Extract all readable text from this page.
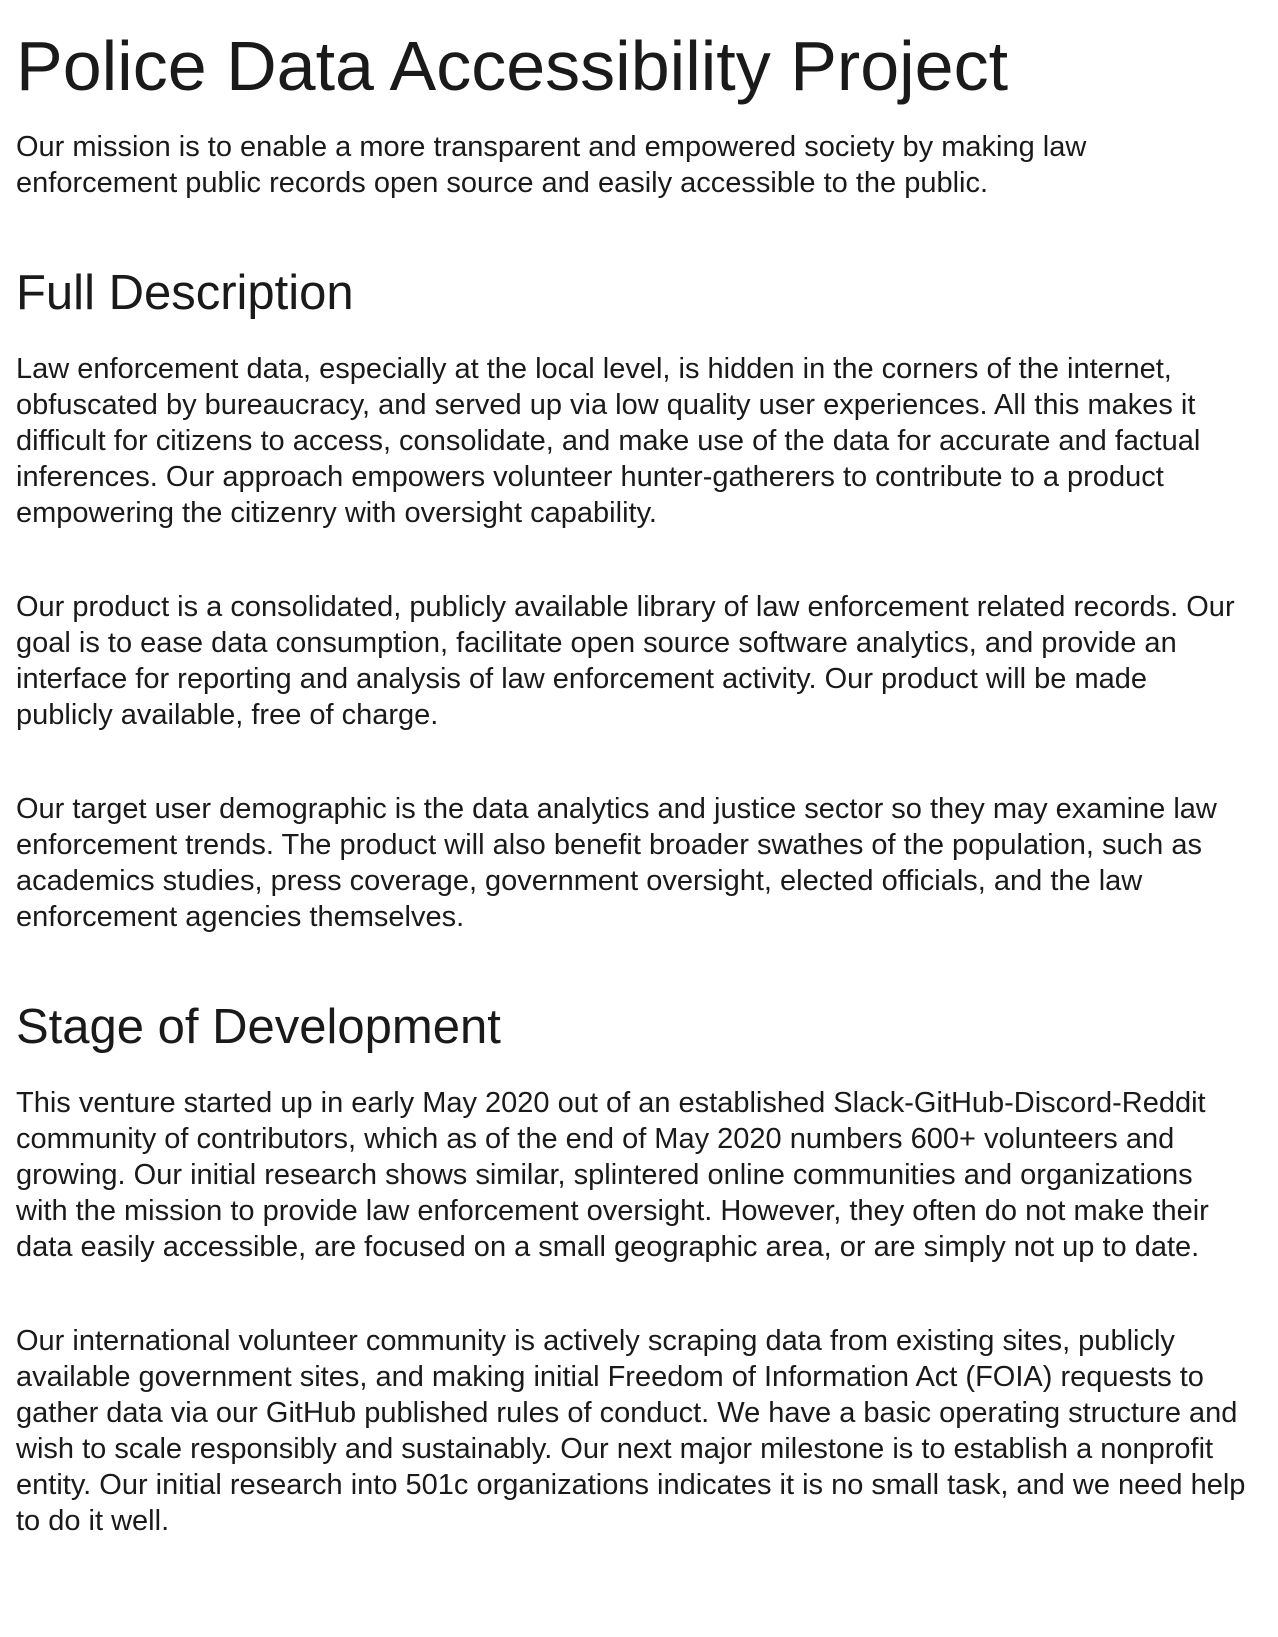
Police Data Accessibility Project

Our mission is to enable a more transparent and empowered society by making law
enforcement public records open source and easily accessible to the public.

Full Description

Law enforcement data, especially at the local level, is hidden in the corners of the internet,
obfuscated by bureaucracy, and served up via low quality user experiences. All this makes it
difficult for citizens to access, consolidate, and make use of the data for accurate and factual
inferences. Our approach empowers volunteer hunter-gatherers to contribute to a product
empowering the citizenry with oversight capability.

Our product is a consolidated, publicly available library of law enforcement related records. Our
goal is to ease data consumption, facilitate open source software analytics, and provide an
interface for reporting and analysis of law enforcement activity. Our product will be made
publicly available, free of charge.

Our target user demographic is the data analytics and justice sector so they may examine law
enforcement trends. The product will also benefit broader swathes of the population, such as
academics studies, press coverage, government oversight, elected officials, and the law
enforcement agencies themselves.

Stage of Development

This venture started up in early May 2020 out of an established Slack-GitHub-Discord-Reddit
community of contributors, which as of the end of May 2020 numbers 600+ volunteers and
growing. Our initial research shows similar, splintered online communities and organizations
with the mission to provide law enforcement oversight. However, they often do not make their
data easily accessible, are focused on a small geographic area, or are simply not up to date.

Our international volunteer community is actively scraping data from existing sites, publicly
available government sites, and making initial Freedom of Information Act (FOIA) requests to
gather data via our GitHub published rules of conduct. We have a basic operating structure and
wish to scale responsibly and sustainably. Our next major milestone is to establish a nonprofit
entity. Our initial research into 501c organizations indicates it is no small task, and we need help
to do it well.
